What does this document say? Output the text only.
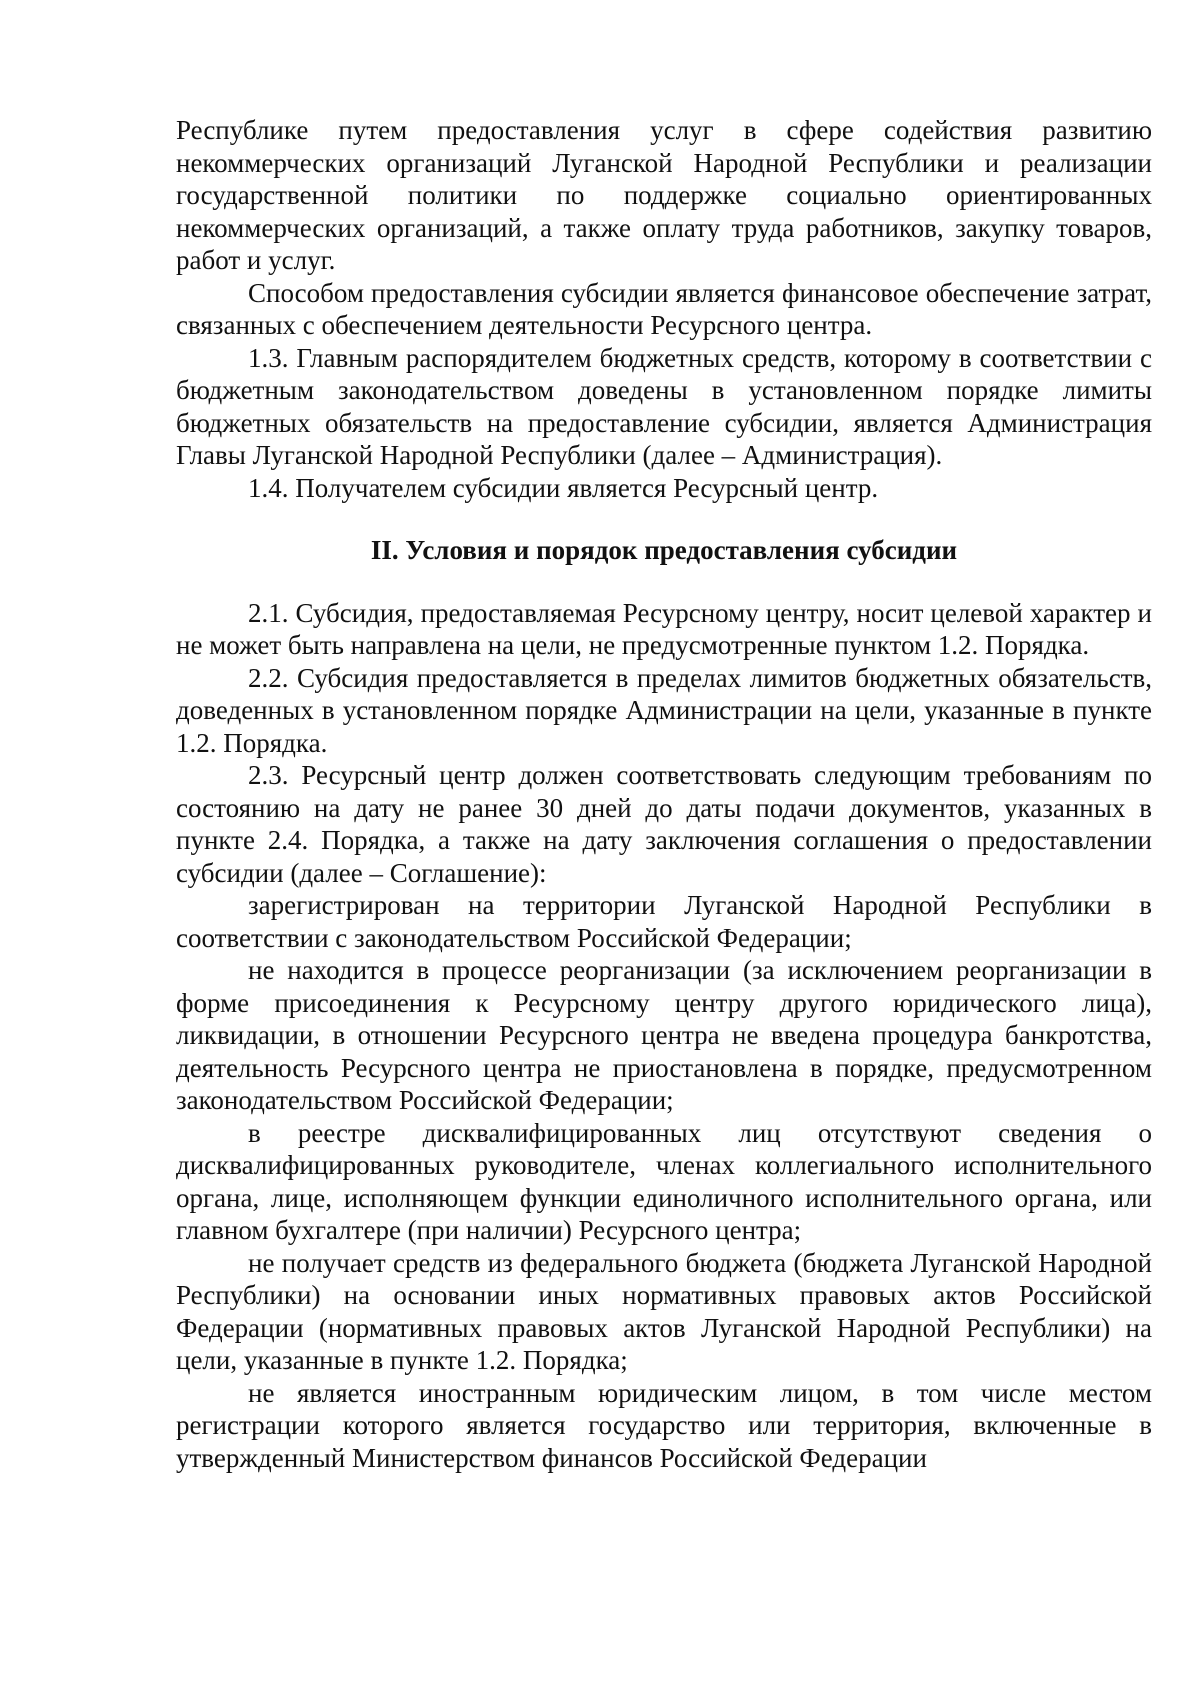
Республике путем предоставления услуг в сфере содействия развитию некоммерческих организаций Луганской Народной Республики и реализации государственной политики по поддержке социально ориентированных некоммерческих организаций, а также оплату труда работников, закупку товаров, работ и услуг.

Способом предоставления субсидии является финансовое обеспечение затрат, связанных с обеспечением деятельности Ресурсного центра.

1.3. Главным распорядителем бюджетных средств, которому в соответствии с бюджетным законодательством доведены в установленном порядке лимиты бюджетных обязательств на предоставление субсидии, является Администрация Главы Луганской Народной Республики (далее – Администрация).

1.4. Получателем субсидии является Ресурсный центр.

II. Условия и порядок предоставления субсидии

2.1. Субсидия, предоставляемая Ресурсному центру, носит целевой характер и не может быть направлена на цели, не предусмотренные пунктом 1.2. Порядка.

2.2. Субсидия предоставляется в пределах лимитов бюджетных обязательств, доведенных в установленном порядке Администрации на цели, указанные в пункте 1.2. Порядка.

2.3. Ресурсный центр должен соответствовать следующим требованиям по состоянию на дату не ранее 30 дней до даты подачи документов, указанных в пункте 2.4. Порядка, а также на дату заключения соглашения о предоставлении субсидии (далее – Соглашение):

зарегистрирован на территории Луганской Народной Республики в соответствии с законодательством Российской Федерации;

не находится в процессе реорганизации (за исключением реорганизации в форме присоединения к Ресурсному центру другого юридического лица), ликвидации, в отношении Ресурсного центра не введена процедура банкротства, деятельность Ресурсного центра не приостановлена в порядке, предусмотренном законодательством Российской Федерации;

в реестре дисквалифицированных лиц отсутствуют сведения о дисквалифицированных руководителе, членах коллегиального исполнительного органа, лице, исполняющем функции единоличного исполнительного органа, или главном бухгалтере (при наличии) Ресурсного центра;

не получает средств из федерального бюджета (бюджета Луганской Народной Республики) на основании иных нормативных правовых актов Российской Федерации (нормативных правовых актов Луганской Народной Республики) на цели, указанные в пункте 1.2. Порядка;

не является иностранным юридическим лицом, в том числе местом регистрации которого является государство или территория, включенные в утвержденный Министерством финансов Российской Федерации
